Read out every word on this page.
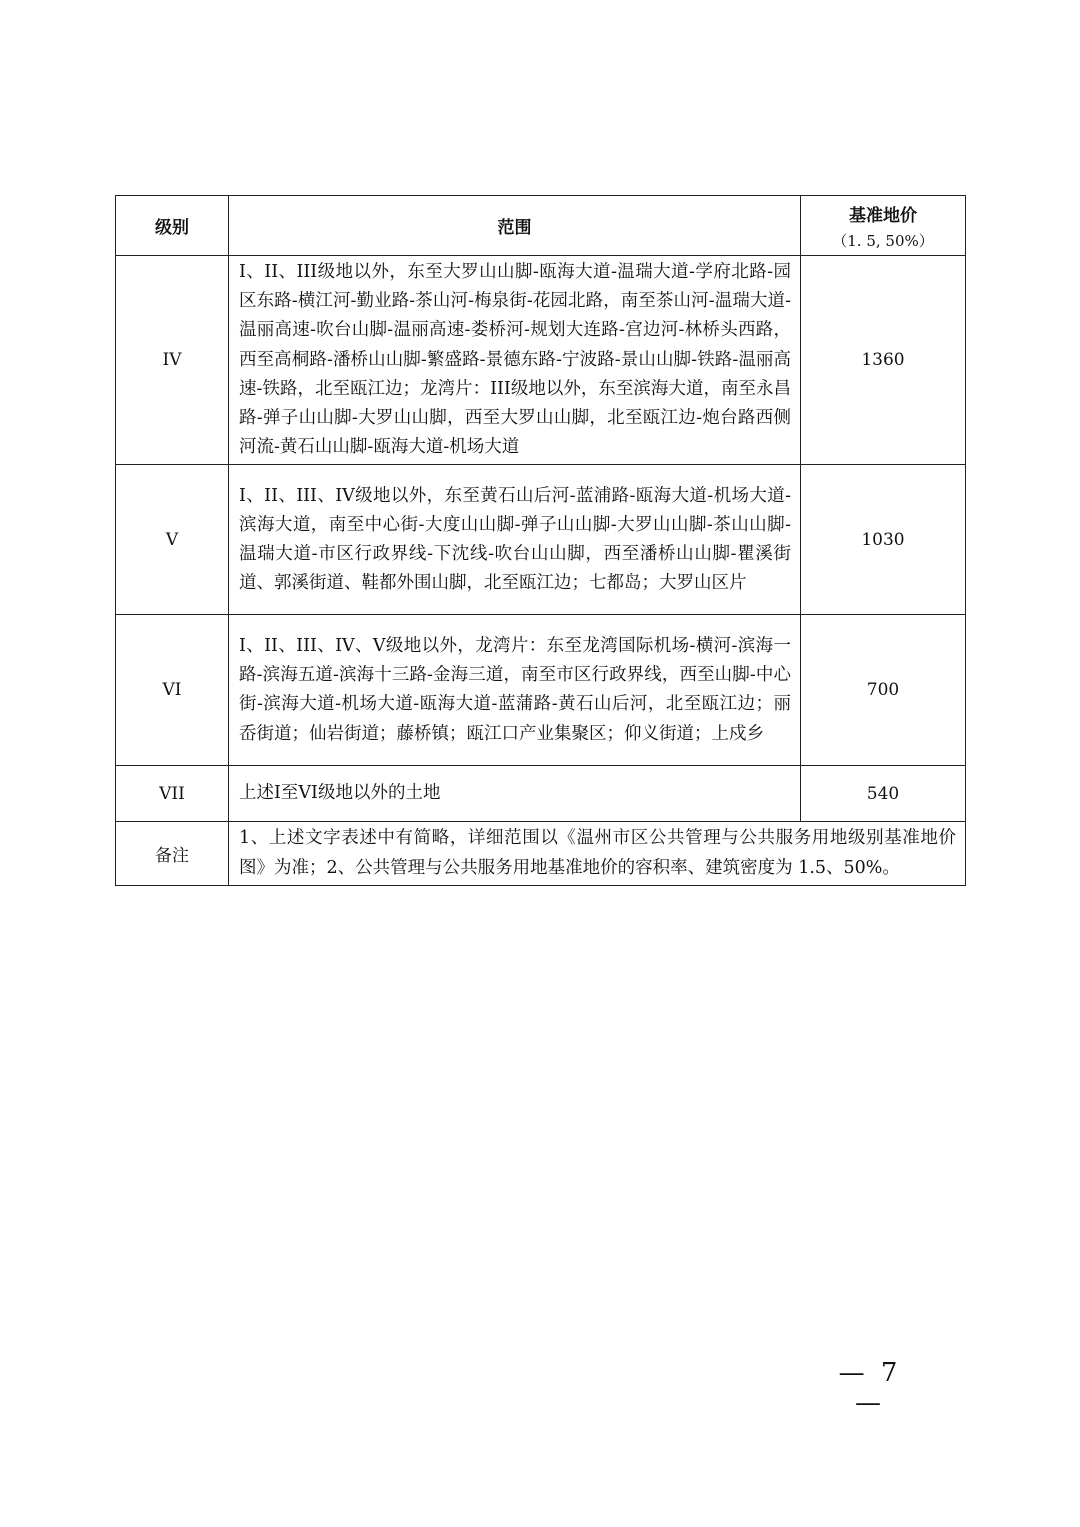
级别	范围	基准地价
（1. 5, 50%）

IV	I、II、III级地以外，东至大罗山山脚-瓯海大道-温瑞大道-学府北路-园区东路-横江河-勤业路-茶山河-梅泉街-花园北路，南至茶山河-温瑞大道-温丽高速-吹台山脚-温丽高速-娄桥河-规划大连路-宫边河-林桥头西路，西至高桐路-潘桥山山脚-繁盛路-景德东路-宁波路-景山山脚-铁路-温丽高速-铁路，北至瓯江边；龙湾片：III级地以外，东至滨海大道，南至永昌路-弹子山山脚-大罗山山脚，西至大罗山山脚，北至瓯江边-炮台路西侧河流-黄石山山脚-瓯海大道-机场大道	1360
V	I、II、III、IV级地以外，东至黄石山后河-蓝浦路-瓯海大道-机场大道-滨海大道，南至中心街-大度山山脚-弹子山山脚-大罗山山脚-茶山山脚-温瑞大道-市区行政界线-下沈线-吹台山山脚，西至潘桥山山脚-瞿溪街道、郭溪街道、鞋都外围山脚，北至瓯江边；七都岛；大罗山区片	1030
VI	I、II、III、IV、V级地以外，龙湾片：东至龙湾国际机场-横河-滨海一路-滨海五道-滨海十三路-金海三道，南至市区行政界线，西至山脚-中心街-滨海大道-机场大道-瓯海大道-蓝蒲路-黄石山后河，北至瓯江边；丽岙街道；仙岩街道；藤桥镇；瓯江口产业集聚区；仰义街道；上戍乡	700
VII	上述I至VI级地以外的土地	540
备注	1、上述文字表述中有简略，详细范围以《温州市区公共管理与公共服务用地级别基准地价图》为准；2、公共管理与公共服务用地基准地价的容积率、建筑密度为 1.5、50%。	
— 7 —
